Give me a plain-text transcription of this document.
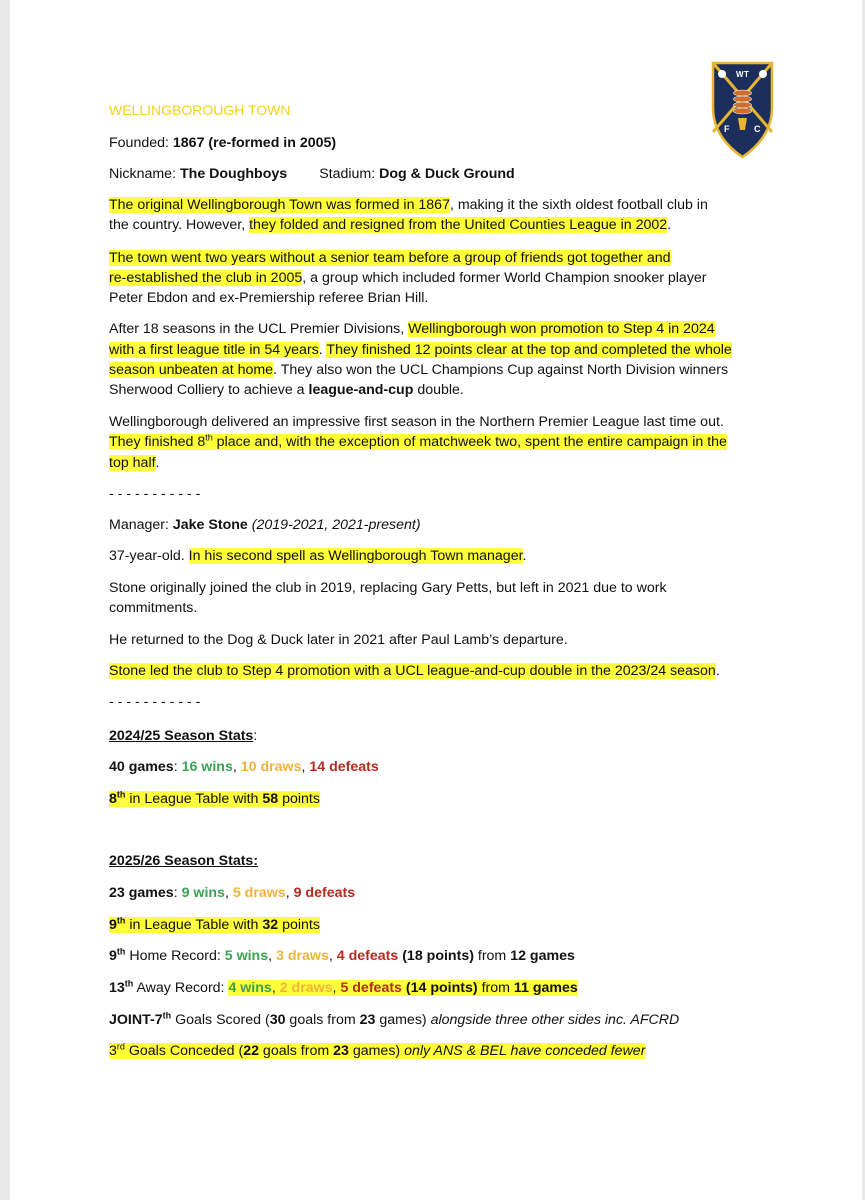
W T
F	C
WELLINGBOROUGH TOWN
Founded: 1867 (re-formed in 2005)
Nickname: The Doughboys Stadium: Dog & Duck Ground
The original Wellingborough Town was formed in 1867, making it the sixth oldest football club in
the country. However, they folded and resigned from the United Counties League in 2002.
The town went two years without a senior team before a group of friends got together and
re-established the club in 2005, a group which included former World Champion snooker player
Peter Ebdon and ex-Premiership referee Brian Hill.
After 18 seasons in the UCL Premier Divisions, Wellingborough won promotion to Step 4 in 2024
with a first league title in 54 years. They finished 12 points clear at the top and completed the whole
season unbeaten at home. They also won the UCL Champions Cup against North Division winners
Sherwood Colliery to achieve a league-and-cup double.
Wellingborough delivered an impressive first season in the Northern Premier League last time out.
They finished 8th place and, with the exception of matchweek two, spent the entire campaign in the
top half.
- - - - - - - - - - -
Manager: Jake Stone (2019-2021, 2021-present)
37-year-old. In his second spell as Wellingborough Town manager.
Stone originally joined the club in 2019, replacing Gary Petts, but left in 2021 due to work
commitments.
He returned to the Dog & Duck later in 2021 after Paul Lamb’s departure.
Stone led the club to Step 4 promotion with a UCL league-and-cup double in the 2023/24 season.
- - - - - - - - - - -
2024/25 Season Stats:
40 games: 16 wins, 10 draws, 14 defeats
8th in League Table with 58 points
2025/26 Season Stats:
23 games: 9 wins, 5 draws, 9 defeats
9th in League Table with 32 points
9th Home Record: 5 wins, 3 draws, 4 defeats (18 points) from 12 games
13th Away Record: 4 wins, 2 draws, 5 defeats (14 points) from 11 games
JOINT-7th Goals Scored (30 goals from 23 games) alongside three other sides inc. AFCRD
3rd Goals Conceded (22 goals from 23 games) only ANS & BEL have conceded fewer
